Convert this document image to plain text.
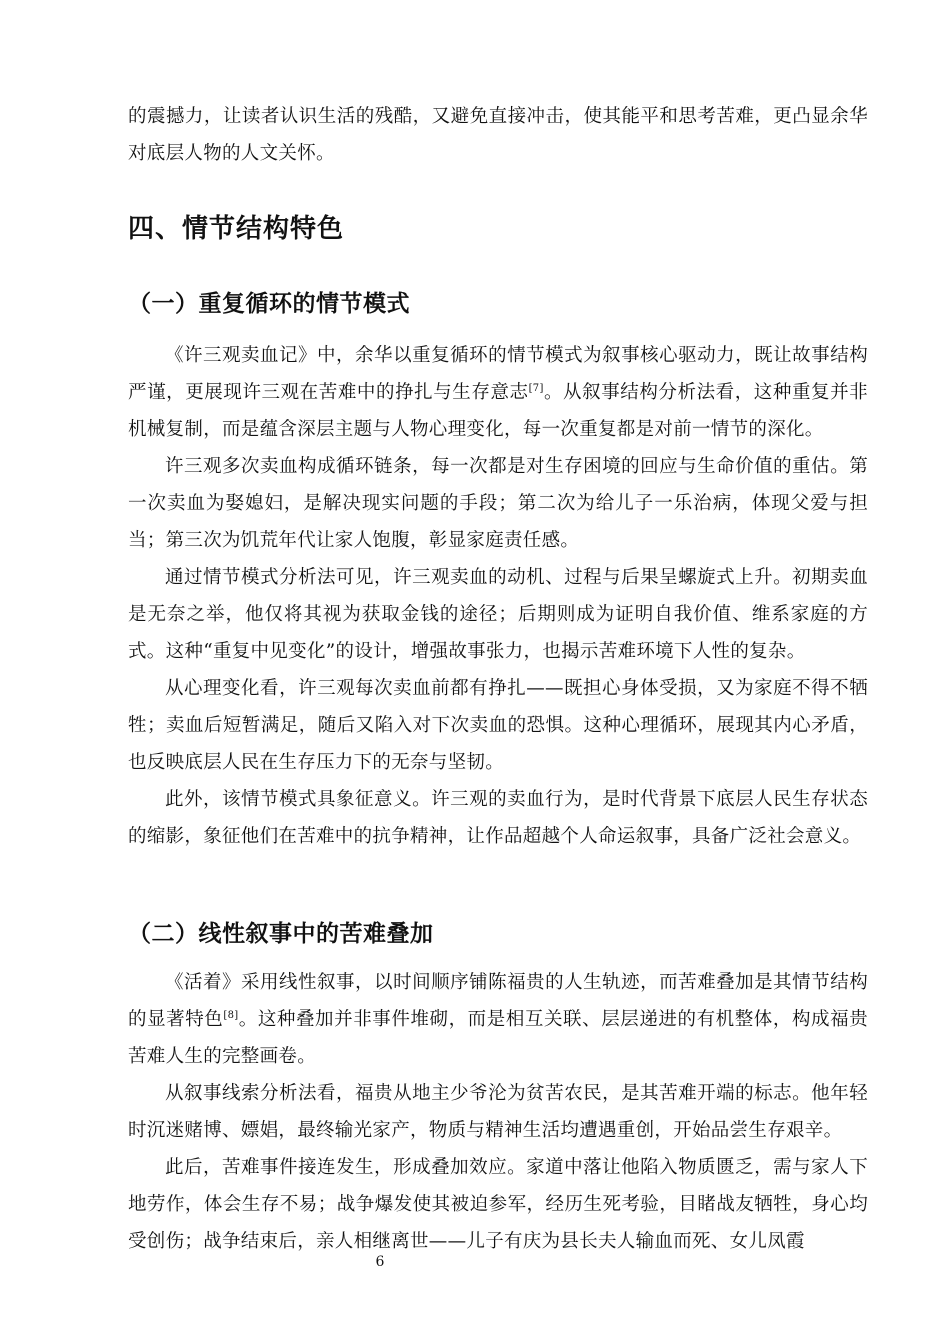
的震撼力，让读者认识生活的残酷，又避免直接冲击，使其能平和思考苦难，更凸显余华对底层人物的人文关怀。

四、情节结构特色
（一）重复循环的情节模式

《许三观卖血记》中，余华以重复循环的情节模式为叙事核心驱动力，既让故事结构严谨，更展现许三观在苦难中的挣扎与生存意志[7]。从叙事结构分析法看，这种重复并非机械复制，而是蕴含深层主题与人物心理变化，每一次重复都是对前一情节的深化。

许三观多次卖血构成循环链条，每一次都是对生存困境的回应与生命价值的重估。第一次卖血为娶媳妇，是解决现实问题的手段；第二次为给儿子一乐治病，体现父爱与担当；第三次为饥荒年代让家人饱腹，彰显家庭责任感。

通过情节模式分析法可见，许三观卖血的动机、过程与后果呈螺旋式上升。初期卖血是无奈之举，他仅将其视为获取金钱的途径；后期则成为证明自我价值、维系家庭的方式。这种“重复中见变化”的设计，增强故事张力，也揭示苦难环境下人性的复杂。

从心理变化看，许三观每次卖血前都有挣扎——既担心身体受损，又为家庭不得不牺牲；卖血后短暂满足，随后又陷入对下次卖血的恐惧。这种心理循环，展现其内心矛盾，也反映底层人民在生存压力下的无奈与坚韧。

此外，该情节模式具象征意义。许三观的卖血行为，是时代背景下底层人民生存状态的缩影，象征他们在苦难中的抗争精神，让作品超越个人命运叙事，具备广泛社会意义。

（二）线性叙事中的苦难叠加

《活着》采用线性叙事，以时间顺序铺陈福贵的人生轨迹，而苦难叠加是其情节结构的显著特色[8]。这种叠加并非事件堆砌，而是相互关联、层层递进的有机整体，构成福贵苦难人生的完整画卷。

从叙事线索分析法看，福贵从地主少爷沦为贫苦农民，是其苦难开端的标志。他年轻时沉迷赌博、嫖娼，最终输光家产，物质与精神生活均遭遇重创，开始品尝生存艰辛。

此后，苦难事件接连发生，形成叠加效应。家道中落让他陷入物质匮乏，需与家人下地劳作，体会生存不易；战争爆发使其被迫参军，经历生死考验，目睹战友牺牲，身心均受创伤；战争结束后，亲人相继离世——儿子有庆为县长夫人输血而死、女儿凤霞

6
